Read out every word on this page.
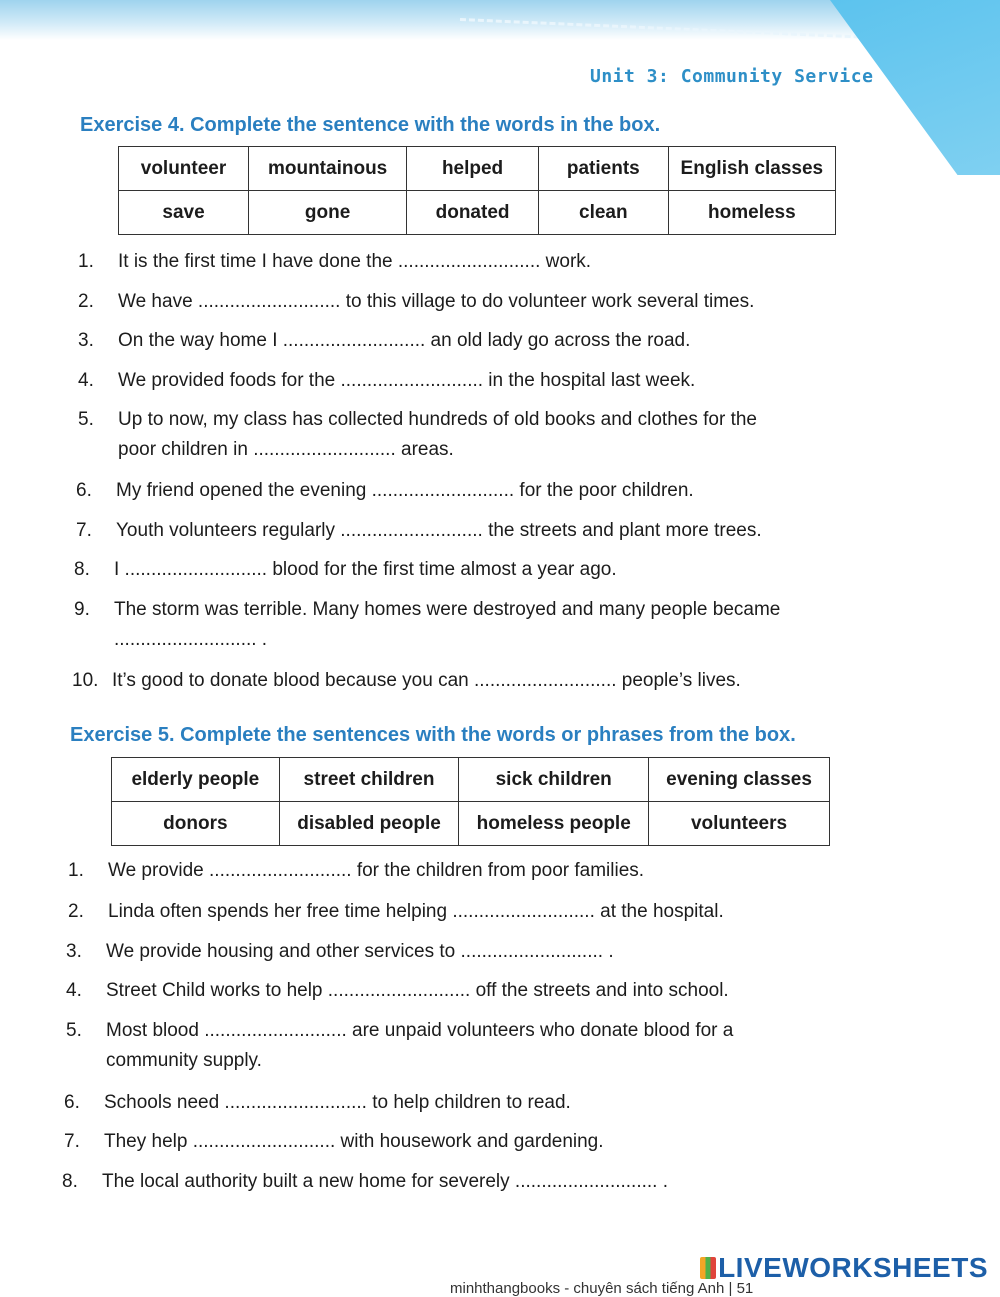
Unit 3: Community Service
Exercise 4. Complete the sentence with the words in the box.
volunteer	mountainous	helped	patients	English classes
save	gone	donated	clean	homeless
1. It is the first time I have done the ........................... work.
2. We have ........................... to this village to do volunteer work several times.
3. On the way home I ........................... an old lady go across the road.
4. We provided foods for the ........................... in the hospital last week.
5. Up to now, my class has collected hundreds of old books and clothes for the
poor children in ........................... areas.
6. My friend opened the evening ........................... for the poor children.
7. Youth volunteers regularly ........................... the streets and plant more trees.
8. I ........................... blood for the first time almost a year ago.
9. The storm was terrible. Many homes were destroyed and many people became
........................... .
10. It’s good to donate blood because you can ........................... people’s lives.
Exercise 5. Complete the sentences with the words or phrases from the box.
elderly people	street children	sick children	evening classes
donors	disabled people	homeless people	volunteers
1. We provide ........................... for the children from poor families.
2. Linda often spends her free time helping ........................... at the hospital.
3. We provide housing and other services to ........................... .
4. Street Child works to help ........................... off the streets and into school.
5. Most blood ........................... are unpaid volunteers who donate blood for a
community supply.
6. Schools need ........................... to help children to read.
7. They help ........................... with housework and gardening.
8. The local authority built a new home for severely ........................... .
LIVEWORKSHEETS
minhthangbooks - chuyên sách tiếng Anh | 51
